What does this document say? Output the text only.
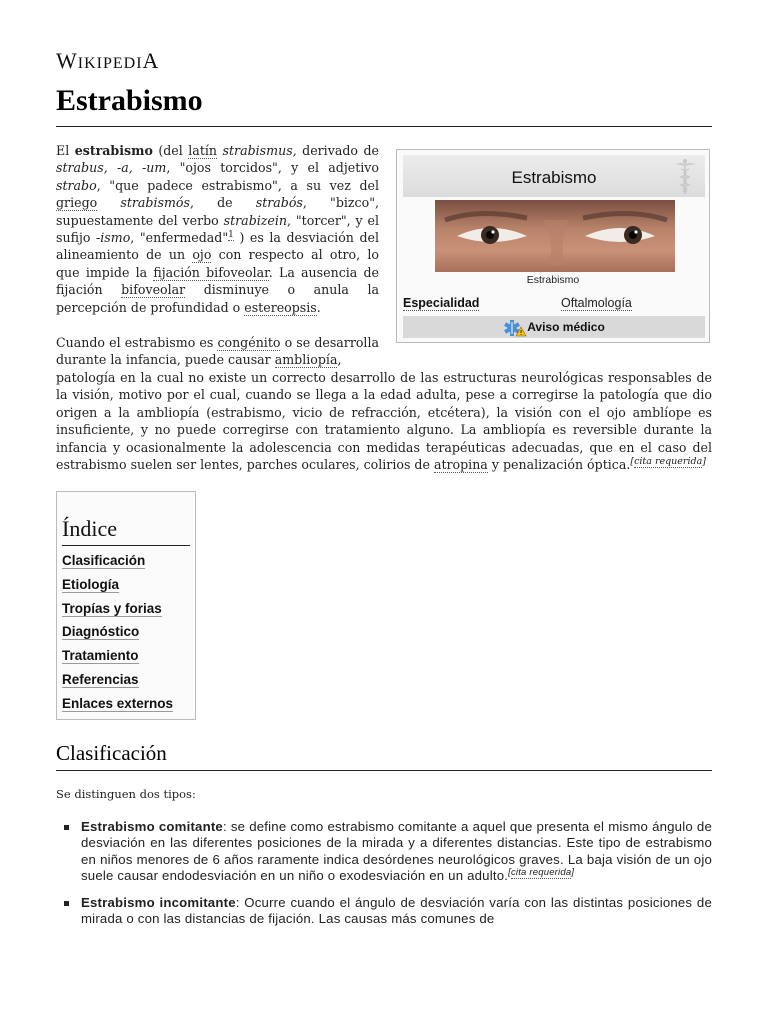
WIKIPEDIA
Estrabismo

El estrabismo (del latín strabismus, derivado de strabus, -a, -um, "ojos torcidos", y el adjetivo strabo, "que padece estrabismo", a su vez del griego strabismós, de strabós, "bizco", supuestamente del verbo strabizein, "torcer", y el sufijo -ismo, "enfermedad"$^1$ ) es la desviación del alineamiento de un ojo con respecto al otro, lo que impide la fijación bifoveolar. La ausencia de fijación bifoveolar disminuye o anula la percepción de profundidad o estereopsis.

Cuando el estrabismo es congénito o se desarrolla durante la infancia, puede causar ambliopía,

patología en la cual no existe un correcto desarrollo de las estructuras neurológicas responsables de la visión, motivo por el cual, cuando se llega a la edad adulta, pese a corregirse la patología que dio origen a la ambliopía (estrabismo, vicio de refracción, etcétera), la visión con el ojo amblíope es insuficiente, y no puede corregirse con tratamiento alguno. La ambliopía es reversible durante la infancia y ocasionalmente la adolescencia con medidas terapéuticas adecuadas, que en el caso del estrabismo suelen ser lentes, parches oculares, colirios de atropina y penalización óptica.[cita requerida]

Estrabismo
Estrabismo
Especialidad	Oftalmología
Aviso médico
Índice
Clasificación
Etiología
Tropías y forias
Diagnóstico
Tratamiento
Referencias
Enlaces externos
Clasificación
Se distinguen dos tipos:
Estrabismo comitante: se define como estrabismo comitante a aquel que presenta el mismo ángulo de desviación en las diferentes posiciones de la mirada y a diferentes distancias. Este tipo de estrabismo en niños menores de 6 años raramente indica desórdenes neurológicos graves. La baja visión de un ojo suele causar endodesviación en un niño o exodesviación en un adulto.[cita requerida]
Estrabismo incomitante: Ocurre cuando el ángulo de desviación varía con las distintas posiciones de mirada o con las distancias de fijación. Las causas más comunes de
